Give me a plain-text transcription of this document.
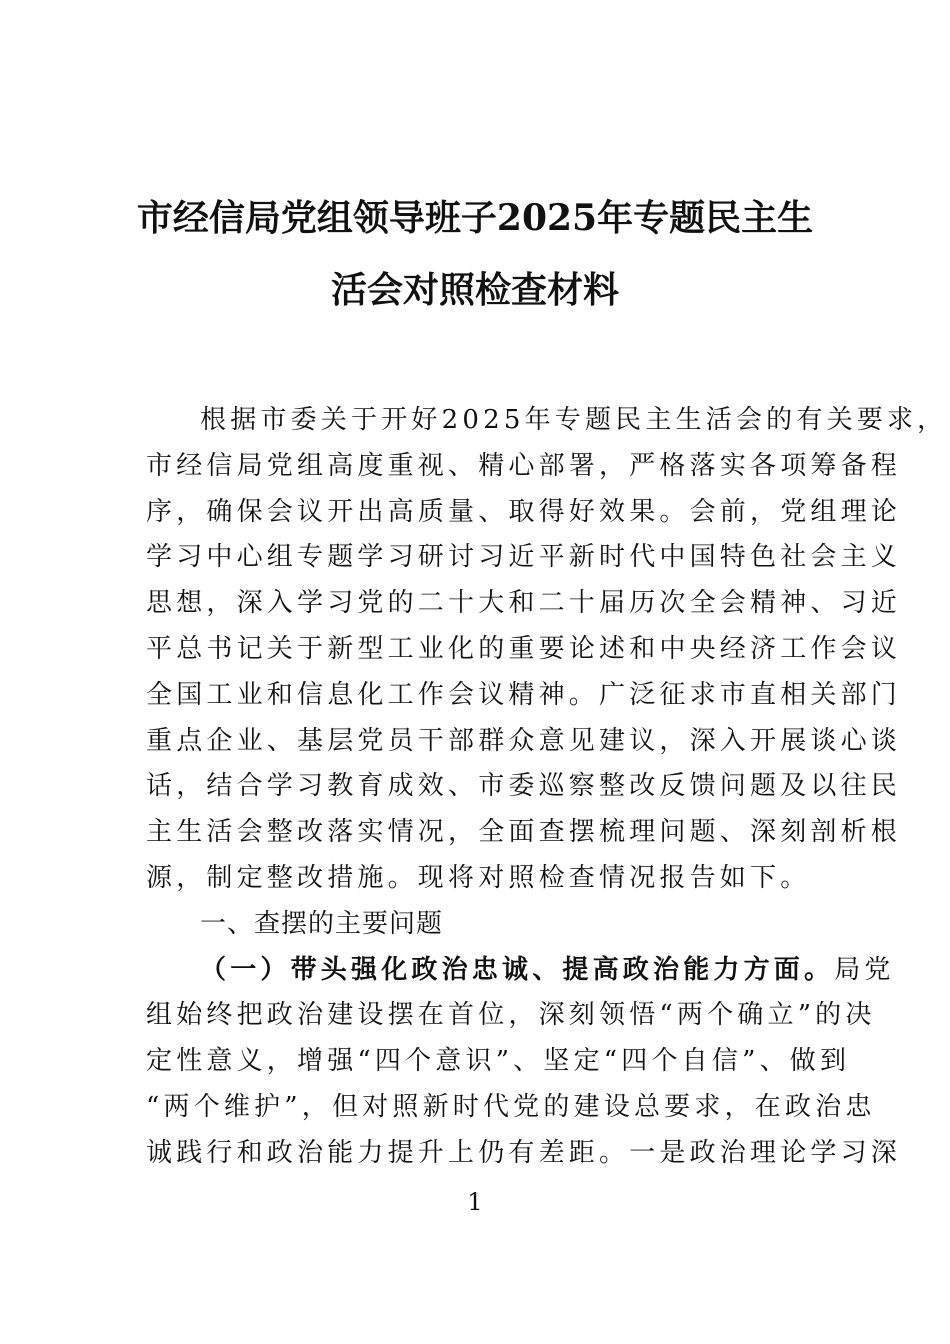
市经信局党组领导班子2025年专题民主生
活会对照检查材料
根据市委关于开好2025年专题民主生活会的有关要求，
市经信局党组高度重视、精心部署，严格落实各项筹备程
序，确保会议开出高质量、取得好效果。会前，党组理论
学习中心组专题学习研讨习近平新时代中国特色社会主义
思想，深入学习党的二十大和二十届历次全会精神、习近
平总书记关于新型工业化的重要论述和中央经济工作会议
全国工业和信息化工作会议精神。广泛征求市直相关部门
重点企业、基层党员干部群众意见建议，深入开展谈心谈
话，结合学习教育成效、市委巡察整改反馈问题及以往民
主生活会整改落实情况，全面查摆梳理问题、深刻剖析根
源，制定整改措施。现将对照检查情况报告如下。
一、查摆的主要问题
（一）带头强化政治忠诚、提高政治能力方面。局党
组始终把政治建设摆在首位，深刻领悟“两个确立”的决
定性意义，增强“四个意识”、坚定“四个自信”、做到
“两个维护”，但对照新时代党的建设总要求，在政治忠
诚践行和政治能力提升上仍有差距。一是政治理论学习深
1
